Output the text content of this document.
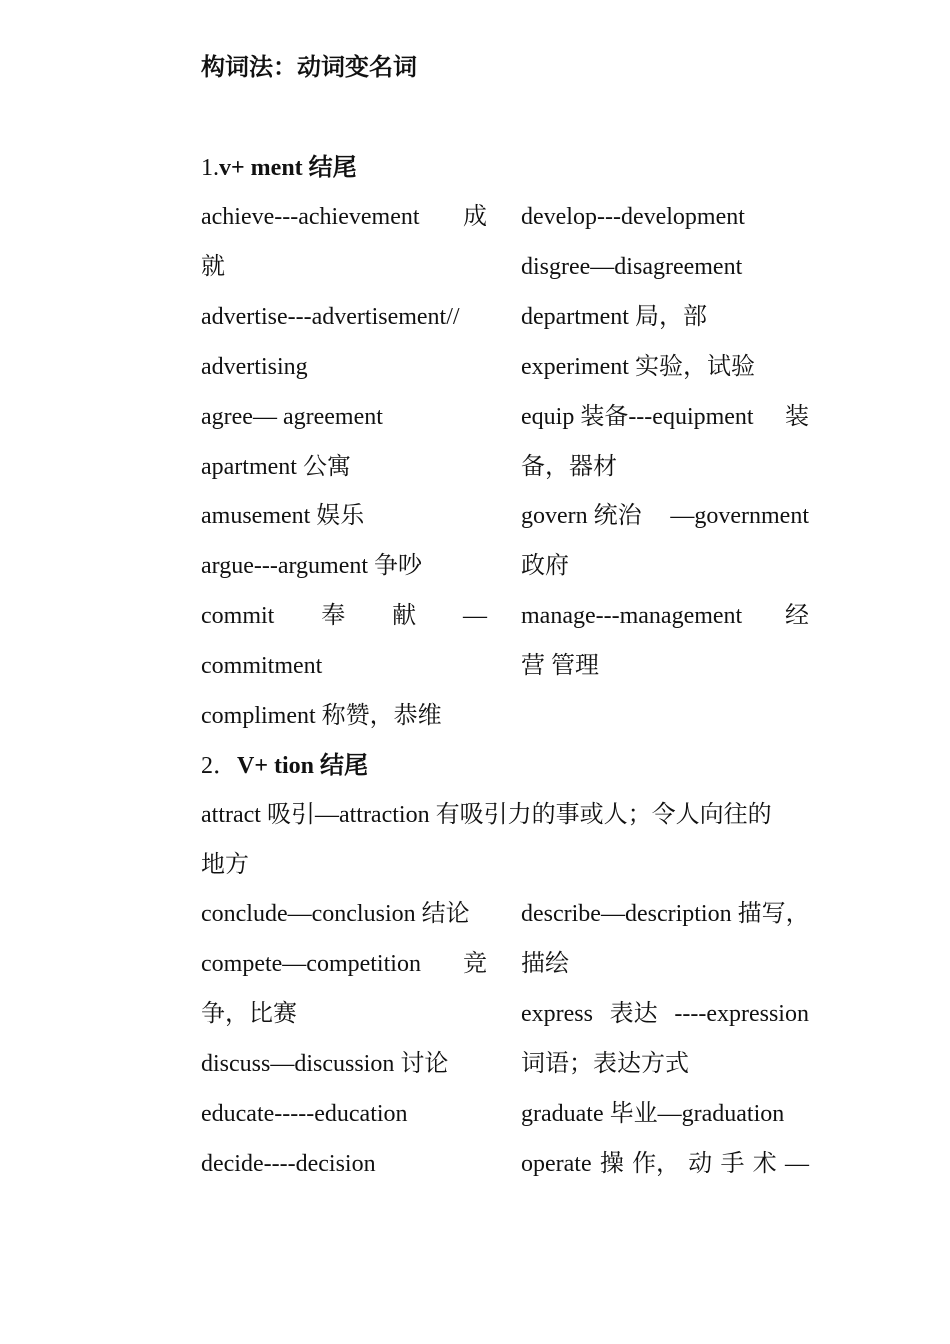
构词法：动词变名词
1.v+ ment 结尾
achieve---achievement 成
就
advertise---advertisement//
advertising
agree— agreement
apartment 公寓
amusement 娱乐
argue---argument 争吵
commit 奉 献 —
commitment
compliment 称赞，恭维
develop---development
disgree—disagreement
department 局，部
experiment 实验，试验
equip 装备---equipment 装
备，器材
govern 统治 —government
政府
manage---management 经
营 管理
2．V+ tion 结尾
attract 吸引—attraction 有吸引力的事或人；令人向往的
地方
conclude—conclusion 结论
compete—competition 竞
争，比赛
discuss—discussion 讨论
educate-----education
decide----decision
describe—description 描写，
描绘
express 表达 ----expression
词语；表达方式
graduate 毕业—graduation
operate 操 作， 动 手 术 —
